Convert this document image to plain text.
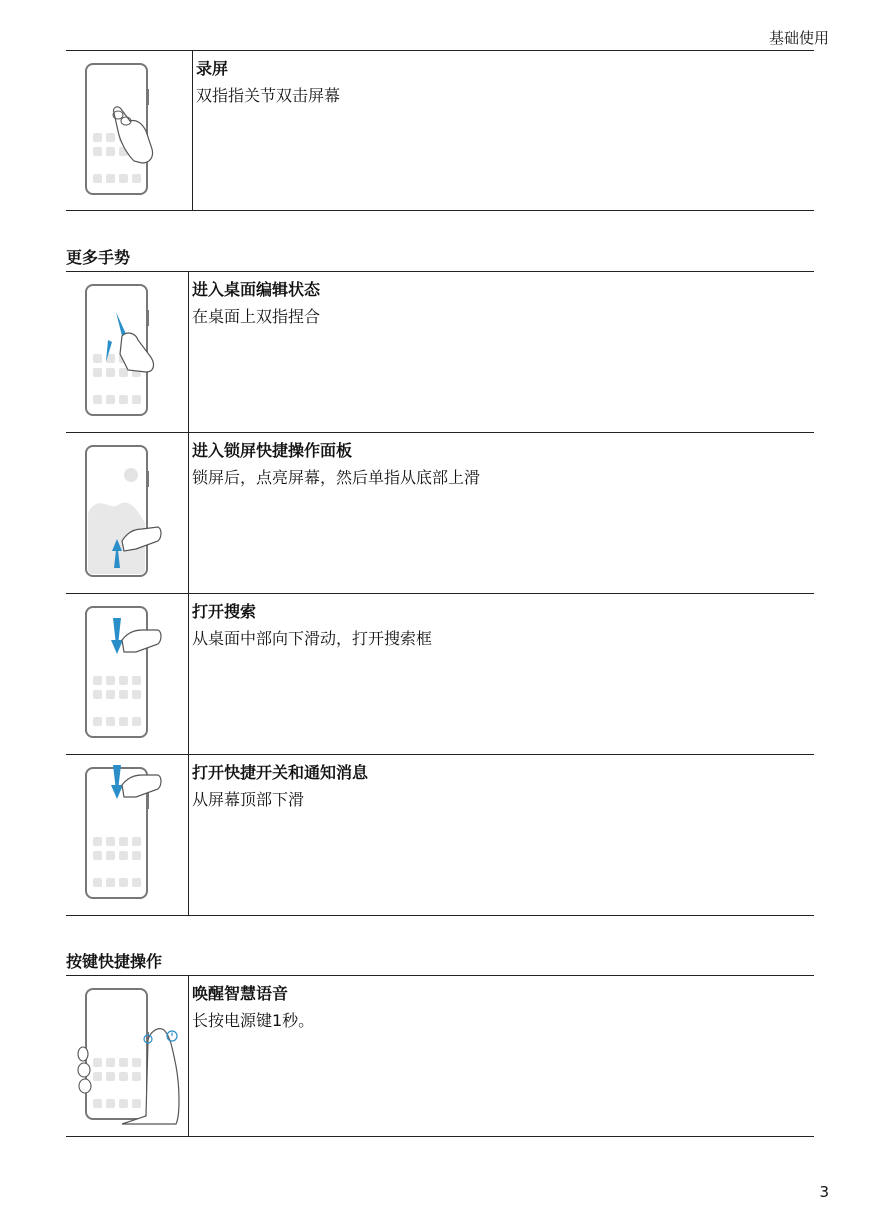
基础使用

录屏
双指指关节双击屏幕
更多手势

进入桌面编辑状态
在桌面上双指捏合

进入锁屏快捷操作面板
锁屏后，点亮屏幕，然后单指从底部上滑

打开搜索
从桌面中部向下滑动，打开搜索框

打开快捷开关和通知消息
从屏幕顶部下滑
按键快捷操作

唤醒智慧语音
长按电源键1秒。
3
